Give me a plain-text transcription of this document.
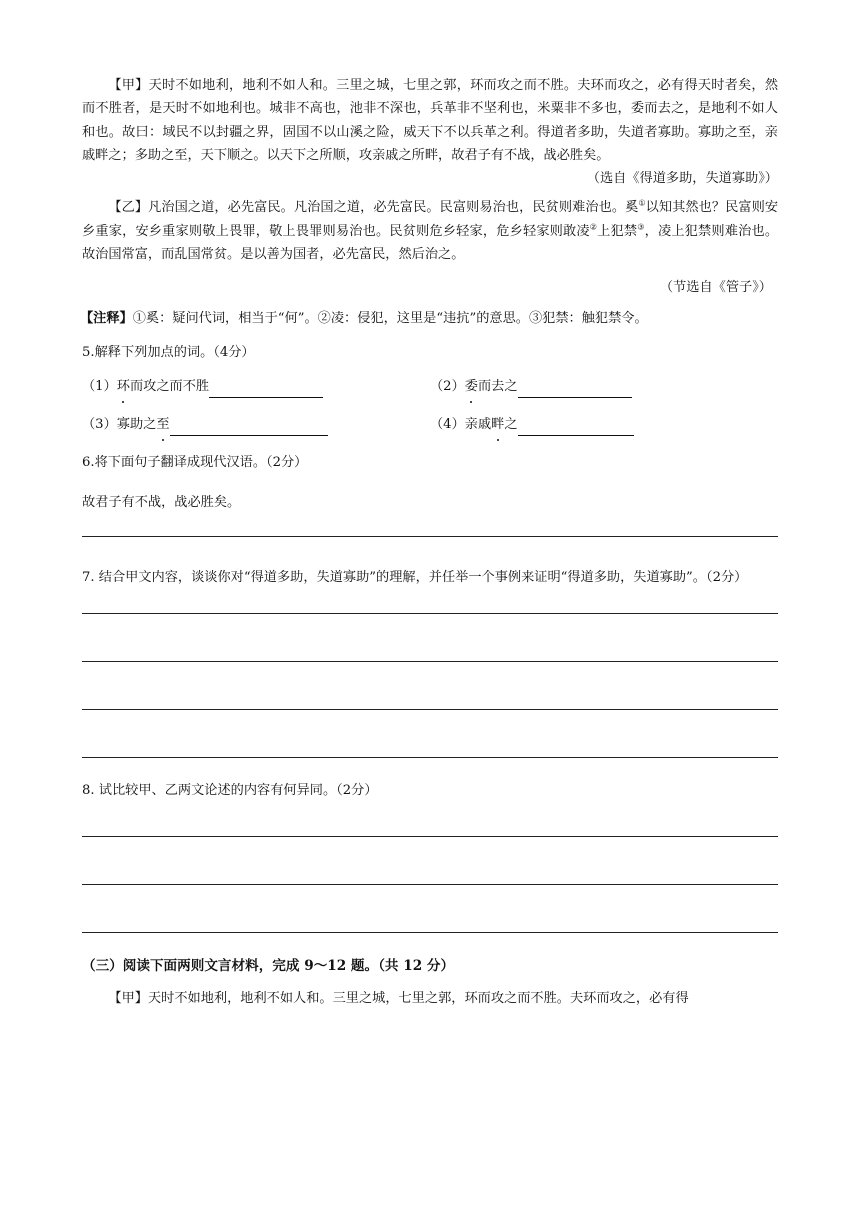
【甲】天时不如地利，地利不如人和。三里之城，七里之郭，环而攻之而不胜。夫环而攻之，必有得天时者矣，然而不胜者，是天时不如地利也。城非不高也，池非不深也，兵革非不坚利也，米粟非不多也，委而去之，是地利不如人和也。故曰：域民不以封疆之界，固国不以山溪之险，威天下不以兵革之利。得道者多助，失道者寡助。寡助之至，亲戚畔之；多助之至，天下顺之。以天下之所顺，攻亲戚之所畔，故君子有不战，战必胜矣。

（选自《得道多助，失道寡助》）

【乙】凡治国之道，必先富民。凡治国之道，必先富民。民富则易治也，民贫则难治也。奚①以知其然也？民富则安乡重家，安乡重家则敬上畏罪，敬上畏罪则易治也。民贫则危乡轻家，危乡轻家则敢凌②上犯禁③，凌上犯禁则难治也。故治国常富，而乱国常贫。是以善为国者，必先富民，然后治之。

（节选自《管子》）

【注释】①奚：疑问代词，相当于“何”。②凌：侵犯，这里是“违抗”的意思。③犯禁：触犯禁令。

5.解释下列加点的词。（4分）

（1） 环 而攻之而不胜	（2） 委 而去之
（3） 寡助之 至	（4） 亲戚 畔 之

6.将下面句子翻译成现代汉语。（2分）

故君子有不战，战必胜矣。

7. 结合甲文内容，谈谈你对“得道多助，失道寡助”的理解，并任举一个事例来证明“得道多助，失道寡助”。（2分）

8. 试比较甲、乙两文论述的内容有何异同。（2分）

（三）阅读下面两则文言材料，完成 9～12 题。（共 12 分）

【甲】天时不如地利，地利不如人和。三里之城，七里之郭，环而攻之而不胜。夫环而攻之，必有得
